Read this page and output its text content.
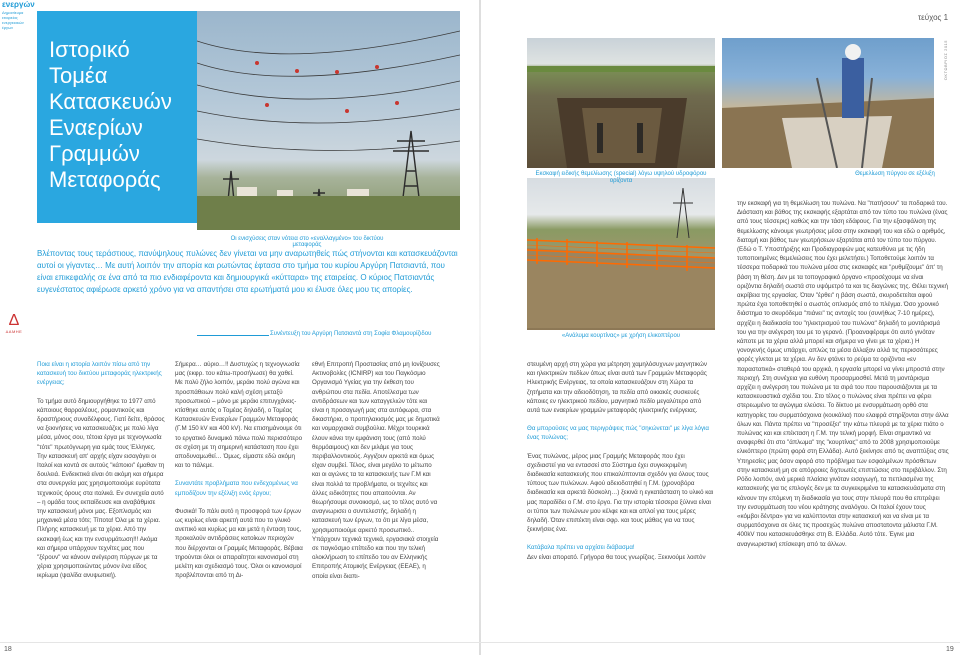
ενεργών
Δημοσίευμα εταιρείας ενεργειακών έργων
τεύχος 1
ΟΚΤΩΒΡΙΟΣ 2015
Ιστορικό
Τομέα
Κατασκευών
Εναερίων
Γραμμών
Μεταφοράς
Οι ενισχύσεις σταν νότεια στο «εναλλαγμένο» του δικτύου μεταφοράς
Εκσκαφή ειδικής θεμελίωσης (special) λόγω υψηλού υδροφόρου ορίζοντα
«Ανάλυμα κουρτίνας» με χρήση ελικοπτέρου
Θεμελίωση πύργου σε εξέλιξη
Βλέποντας τους τεράστιους, πανύψηλους πυλώνες δεν γίνεται να μην αναρωτηθείς πώς στήνονται και κατασκευάζονται αυτοί οι γίγαντες… Με αυτή λοιπόν την απορία και ρωτώντας έφτασα στο τμήμα του κυρίου Αργύρη Πατσιαντά, που είναι επικεφαλής σε ένα από τα πιο ενδιαφέροντα και δημιουργικά «κύτταρα» της εταιρείας. Ο κύριος Πατσιαντάς ευγενέστατος αφιέρωσε αρκετό χρόνο για να απαντήσει στα ερωτήματά μου κι έλυσε όλες μου τις απορίες.
Συνέντευξη του Αργύρη Πατσιαντά στη Σοφία Φλαμουρίζιδου
Δ
ΔΑΜΗΕ

Ποια είναι η ιστορία λοιπόν πίσω από την κατασκευή του δικτύου μεταφοράς ηλεκτρικής ενέργειας;

Το τμήμα αυτό δημιουργήθηκε το 1977 από κάποιους θαρραλέους, ρομαντικούς και δραστήριους συναδέλφους. Γιατί δείτε, θράσος να ξεκινήσεις να κατασκευάζεις με πολύ λίγα μέσα, μόνος σου, τέτοια έργα με τεχνογνωσία "τότε" πρωτόγνωρη για εμάς τους Έλληνες. Την κατασκευή απ' αρχής είχαν εισαγάγει οι Ιταλοί και κοντά σε αυτούς "κάποιοι" έμαθαν τη δουλειά. Ενδεικτικά είναι ότι ακόμη και σήμερα στα συνεργεία μας χρησιμοποιούμε ευρύτατα τεχνικούς όρους στα ιταλικά. Εν συνεχεία αυτό – η ομάδα τους εκπαίδευσε και αναβάθμισε την κατασκευή μόνοι μας. Εξοπλισμός και μηχανικά μέσα τότε; Τίποτα! Όλα με τα χέρια. Πλήρης κατασκευή με τα χέρια. Από την εκσκαφή έως και την ενσυρμάτωση!!! Ακόμα και σήμερα υπάρχουν τεχνίτες μας που "ξέρουν" να κάνουν ανέγερση πύργων με τα χέρια χρησιμοποιώντας μόνον ένα είδος ικρίωμα (ψαλίδα ανυψωτική).

Σήμερα… αύριο…!! Δυστυχώς η τεχνογνωσία μας (εκφρ. του κάτω-προσήλωσε) θα χαθεί. Με πολύ ζήλο λοιπόν, μεράκι πολύ αγώνα και προσπάθειων πολύ καλή σχέση μεταξύ προσωπικού – μόνο με μεράκι επιτυγχάνεις- κτίσθηκε αυτός ο Τομέας δηλαδή, ο Τομέας Κατασκευών Εναερίων Γραμμών Μεταφοράς (Γ.Μ 150 kV και 400 kV). Να επισημάνουμε ότι το εργατικό δυναμικό πάνω πολύ περισσότερο σε σχέση με τη σημερινή κατάσταση που έχει αποδυναμωθεί… Όμως, είμαστε εδώ ακόμη και το πάλεμε.

Συναντάτε προβλήματα που ενδεχομένως να εμποδίζουν την εξέλιξη ενός έργου;

Φυσικά! Το πάλι αυτό η προσφορά των έργων ως κυρίως είναι αρκετή αυτά που το γλυκό ανεπικό και κυρίως μα και μετά η ένταση τους, προκαλούν αντιδράσεις κατοίκων περιοχών που διέρχονται οι Γραμμές Μεταφοράς. Βέβαια τηρούνται όλοι οι απαραίτητοι κανονισμοί στη μελέτη και σχεδιασμό τους. Όλοι οι κανονισμοί προβλέπονται από τη Δι-

εθνή Επιτροπή Προστασίας από μη Ιονίζουσες Ακτινοβολίες (ICNIRP) και του Παγκόσμιο Οργανισμό Υγείας για την έκθεση του ανθρώπου στα πεδία. Αποτέλεσμα των αντιδράσεων και των καταγγελιών τότε και είναι η προσαγωγή μας στα αυτόφωρα, στα δικαστήρια, ο προπηλακισμός μας με δημοτικά και νομαρχιακά συμβούλια. Μέχρι τουρκικά έλουν κάνει την εμφάνιση τους (από πολύ θερμόαιμους) και δεν μιλάμε για τους περιβαλλοντικούς. Αγγιζουν αρκετά και όμως είχαν συμβεί. Τέλος, είναι μεγάλο το μέτωπο και οι αγώνες τα τα κατασκευής των Γ.Μ και είναι πολλά τα προβλήματα, οι τεχνίτες και άλλες ειδικότητες που απαιτούνται. Αν θεωρήσουμε συνοικισμό, ως το τέλος αυτό να αναγνωρισει ο συντελεστής, δηλαδή η κατασκευή των έργων, το ότι με λίγα μέσα, χρησιμοποιούμε αρκετό προσωπικό.. Υπάρχουν τεχνικά τεχνικά, εργασιακά στοιχεία σε παγκόσμιο επίπεδο και που την τελική ολοκλήρωση το επίπεδο του αν Ελληνικής Επιτροπής Ατομικής Ενέργειας (ΕΕΑΕ), η οποία είναι διαπι-

στευμένη αρχή στη χώρα για μέτρηση χαμηλόσυχνων μαγνητικών και ηλεκτρικών πεδίων όπως είναι αυτά των Γραμμών Μεταφοράς Ηλεκτρικής Ενέργειας, τα οποία κατασκευάζουν στη Χώρα τα ζητήματα και την αδειοδότηση, τα πεδία από οικιακές συσκευές κάποιες εν ηλεκτρικού πεδίου, μαγνητικό πεδίο μεγαλύτερο από αυτά των εναερίων γραμμών μεταφοράς ηλεκτρικής ενέργειας.

Θα μπορούσες να μας περιγράψεις πώς "σηκώνεται" με λίγα λόγια ένας πυλώνας;

Ένας πυλώνας, μέρος μιας Γραμμής Μεταφοράς που έχει σχεδιαστεί για να εντασσεί στο Σύστημα έχει συγκεκριμένη διαδικασία κατασκευής που επικαλύπτονται σχεδόν για όλους τους τύπους των πυλώνων. Αφού αδειοδοτηθεί η Γ.Μ. (χρονοβόρα διαδικασία και αρκετά δύσκολη…) ξεκινά η εγκατάσταση το υλικό και μας παραδίδει ο Γ.Μ. στο έργο. Για την ιστορία τέσσερα ξύλινα είναι οι τύποι των πυλώνων μου κέλφε και και απλοί για τους μέρες δηλαδή. Όταν επιπέκτη είναι σφρ. και τους μάθεις για να τους ξεκινήσεις ένα.

Κατάβαλα πρέπει να αρχίσει διάβασμα!

Δεν είναι απορατό. Γρήγορα θα τους γνωρίζεις. Ξεκινούμε λοιπόν

την εκσκαφή για τη θεμελίωση του πυλώνα. Να "πατήσουν" τα ποδαρικά του. Διάσταση και βάθος της εκσκαφής εξαρτάται από τον τύπο του πυλώνα (ένας από τους τέσσερις) καθώς και την τάση εδάφους. Για την εξασφάλιση της θεμελίωσης κάνουμε γεωτρήσεις μέσα στην εκσκαφή του και εδώ ο αριθμός, διατομή και βάθος των γεωτρήσεων εξαρτάται από τον τύπο του πύργου. (Εδώ ο Τ. Υποστήριξης και Προδιαγραφών μας κατευθύνει με τις ήδη τυποποιημένες θεμελιώσεις που έχει μελετήσει.) Τοποθετούμε λοιπόν τα τέσσερα ποδαρικά του πυλώνα μέσα στις εκσκαφές και "ρυθμίζουμε" άπ' τη βάση τη θέση. Δεν με τα τοπογραφικό όργανο «προσέχουμε να είναι οριζόντια δηλαδή σωστά στο υψόμετρό τα και τις διαγώνιες της. Θέλει τεχνική ακρίβεια της εργασίας. Όταν "έρθει" η βάση σωστά, σκυροδετείται αφού πρώτα έχει τοποθετηθεί ο σωστός οπλισμός από το πλέγμα. Όσο χρονικό διάστημα το σκυρόδεμα "πιάνει" τις αντοχές του (συνήθως 7-10 ημέρες), αρχίζει η διαδικασία του "ηλεκτρισμού του πυλώνα" δηλαδή το μοντάρισμά του για την ανέγερση του με το γερανό. (Προαναφέραμε ότι αυτό γινόταν κάποτε με τα χέρια αλλά μπορεί και σήμερα να γίνει με τα χέρια.) Η γονογενής όμως υπάρχει, απλώς τα μέσα άλλαξαν αλλά τις περισσότερες φορές γίνεται με τα χέρια. Αν δεν φτάνει το ρεύμα τα οριζόντια «εν παραστατικά» σταθερά του αρχικά, η εργασία μπορεί να γίνει μπροστά στην περιοχή. Στη συνέχεια για ευθύνη προσαρμοσθεί. Μετά τη μοντάρισμα αρχίζει η ανέγερση του πυλώνα με τα σιρά του που παρουσιάζονται με τα κατασκευαστικά σχέδια του. Στο τέλος ο πυλώνας είναι πρέπει να φέρει στερεωμένο τα αγώγιμα ελεύσει. Το δίκτυο με ενσυρμάτωση ορθό στα κατηγορίες του συρματόσχοινα (κουκάλια) που ελαφρά στηρίζονται στην άλλα όλων και. Πάντα πρέπει να "προσέξει" την κάτω πλευρά με τα χέρια πιάτο ο πυλώνας και και επέκταση η Γ.Μ. την τελική μορφή. Είναι σημαντικό να αναφερθεί ότι στο "άπλωμα" της "κουρτίνας" από το 2008 χρησιμοποιούμε ελικόπτερο (πρώτη φορά στη Ελλάδα). Αυτό ξεκίνησε από τις αναπτύξεις στις Υπηρεσίες μας όσον αφορά στο πρόβλημα των εσφαλμένων πρόσθετων στην κατασκευή μη σε απόρροιες διχτυωτές επιπτώσεις στο περιβάλλον. Στη Ρόδο λοιπόν, ανά μερικά πλαίσια γινόταν εισαγωγή, τα πεπλασμένα της κατασκευής για τις επιλογές δεν με τα συγκεκριμένα τα κατασκευάσματα στη κάνουν την επόμενη τη διαδικασία για τους στην πλευρά που θα επιτρέψει την ενσυρμάτωση του νέου κράτησης αναλόγου. Οι Ιταλοί έχουν τους «κόμβοι δέντρα» για να καλύπτονται στην κατασκευή και να είναι με τα συρματόσχοινα σε όλες τις προσεχώς πυλώνα αποστατοντα μάλιστα Γ.Μ. 400kV που κατασκευάσθηκε στη Β. Ελλάδα. Αυτό τότε. Έγινε μια αναγνωριστική επίσκεψη από τα άλλων.

18	19
